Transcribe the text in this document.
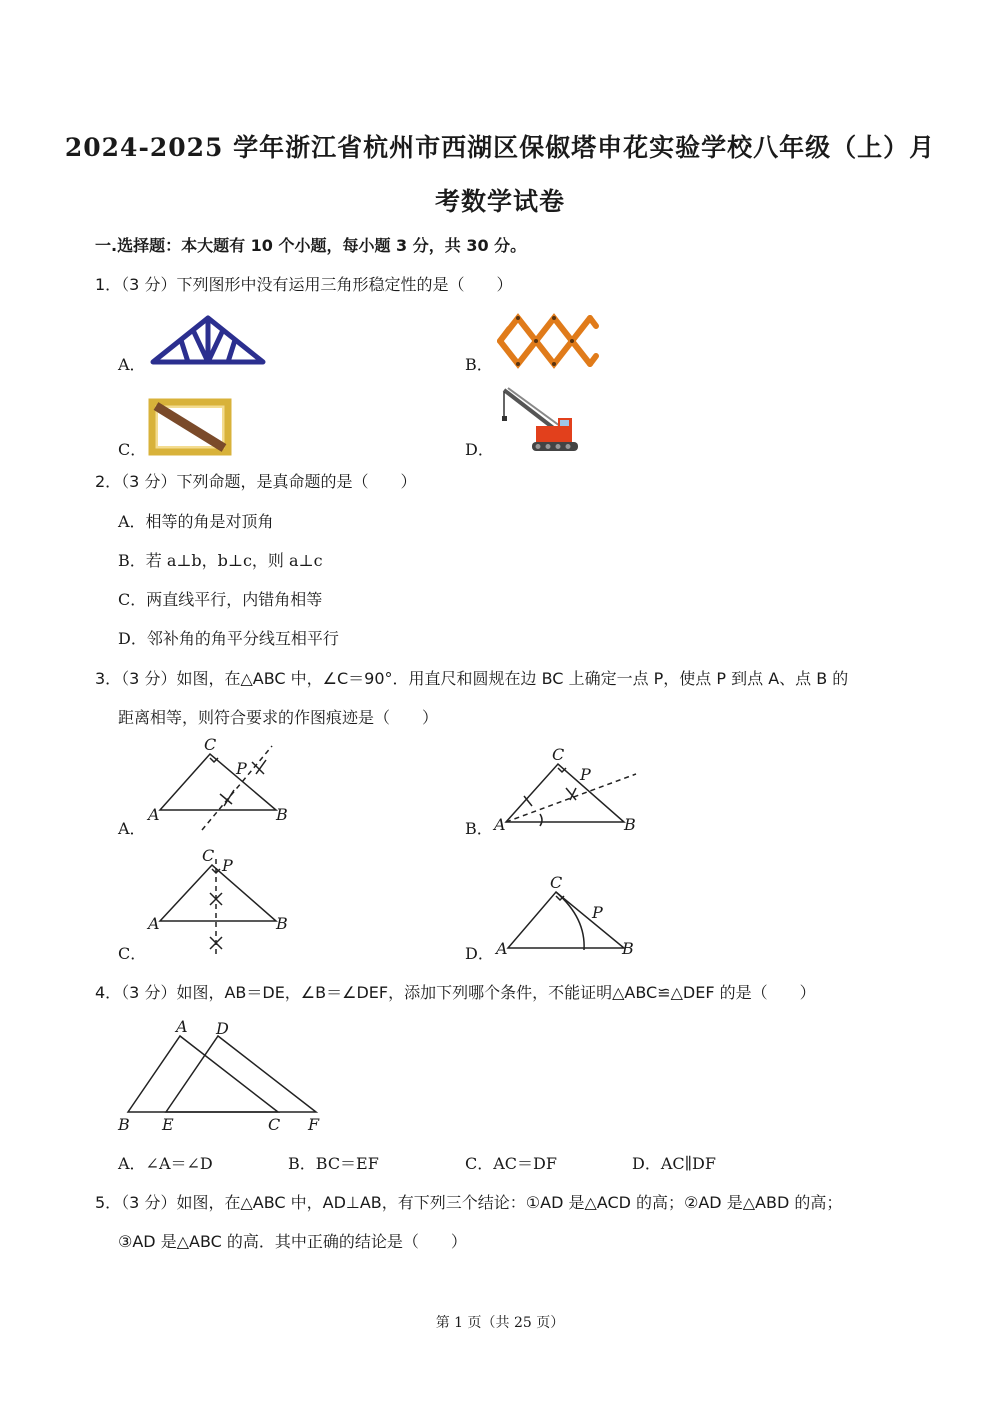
2024-2025 学年浙江省杭州市西湖区保俶塔申花实验学校八年级（上）月
考数学试卷
一.选择题：本大题有 10 个小题，每小题 3 分，共 30 分。
1．（3 分）下列图形中没有运用三角形稳定性的是（　　）
A．	B．
C．	D．
2．（3 分）下列命题，是真命题的是（　　）
A．相等的角是对顶角
B．若 a⊥b，b⊥c，则 a⊥c
C．两直线平行，内错角相等
D．邻补角的角平分线互相平行
3．（3 分）如图，在△ABC 中，∠C＝90°．用直尺和圆规在边 BC 上确定一点 P，使点 P 到点 A、点 B 的
距离相等，则符合要求的作图痕迹是（　　）
A．	B．
C．	D．
C
P
A	B
C
P
A	B
C
P
A	B
C
P
A	B
4．（3 分）如图，AB＝DE，∠B＝∠DEF，添加下列哪个条件，不能证明△ABC≌△DEF 的是（　　）
A D
B E	C F
A．∠A＝∠D	B．BC＝EF	C．AC＝DF	D．AC∥DF
5．（3 分）如图，在△ABC 中，AD⊥AB，有下列三个结论：①AD 是△ACD 的高；②AD 是△ABD 的高；
③AD 是△ABC 的高．其中正确的结论是（　　）
第 1 页（共 25 页）
